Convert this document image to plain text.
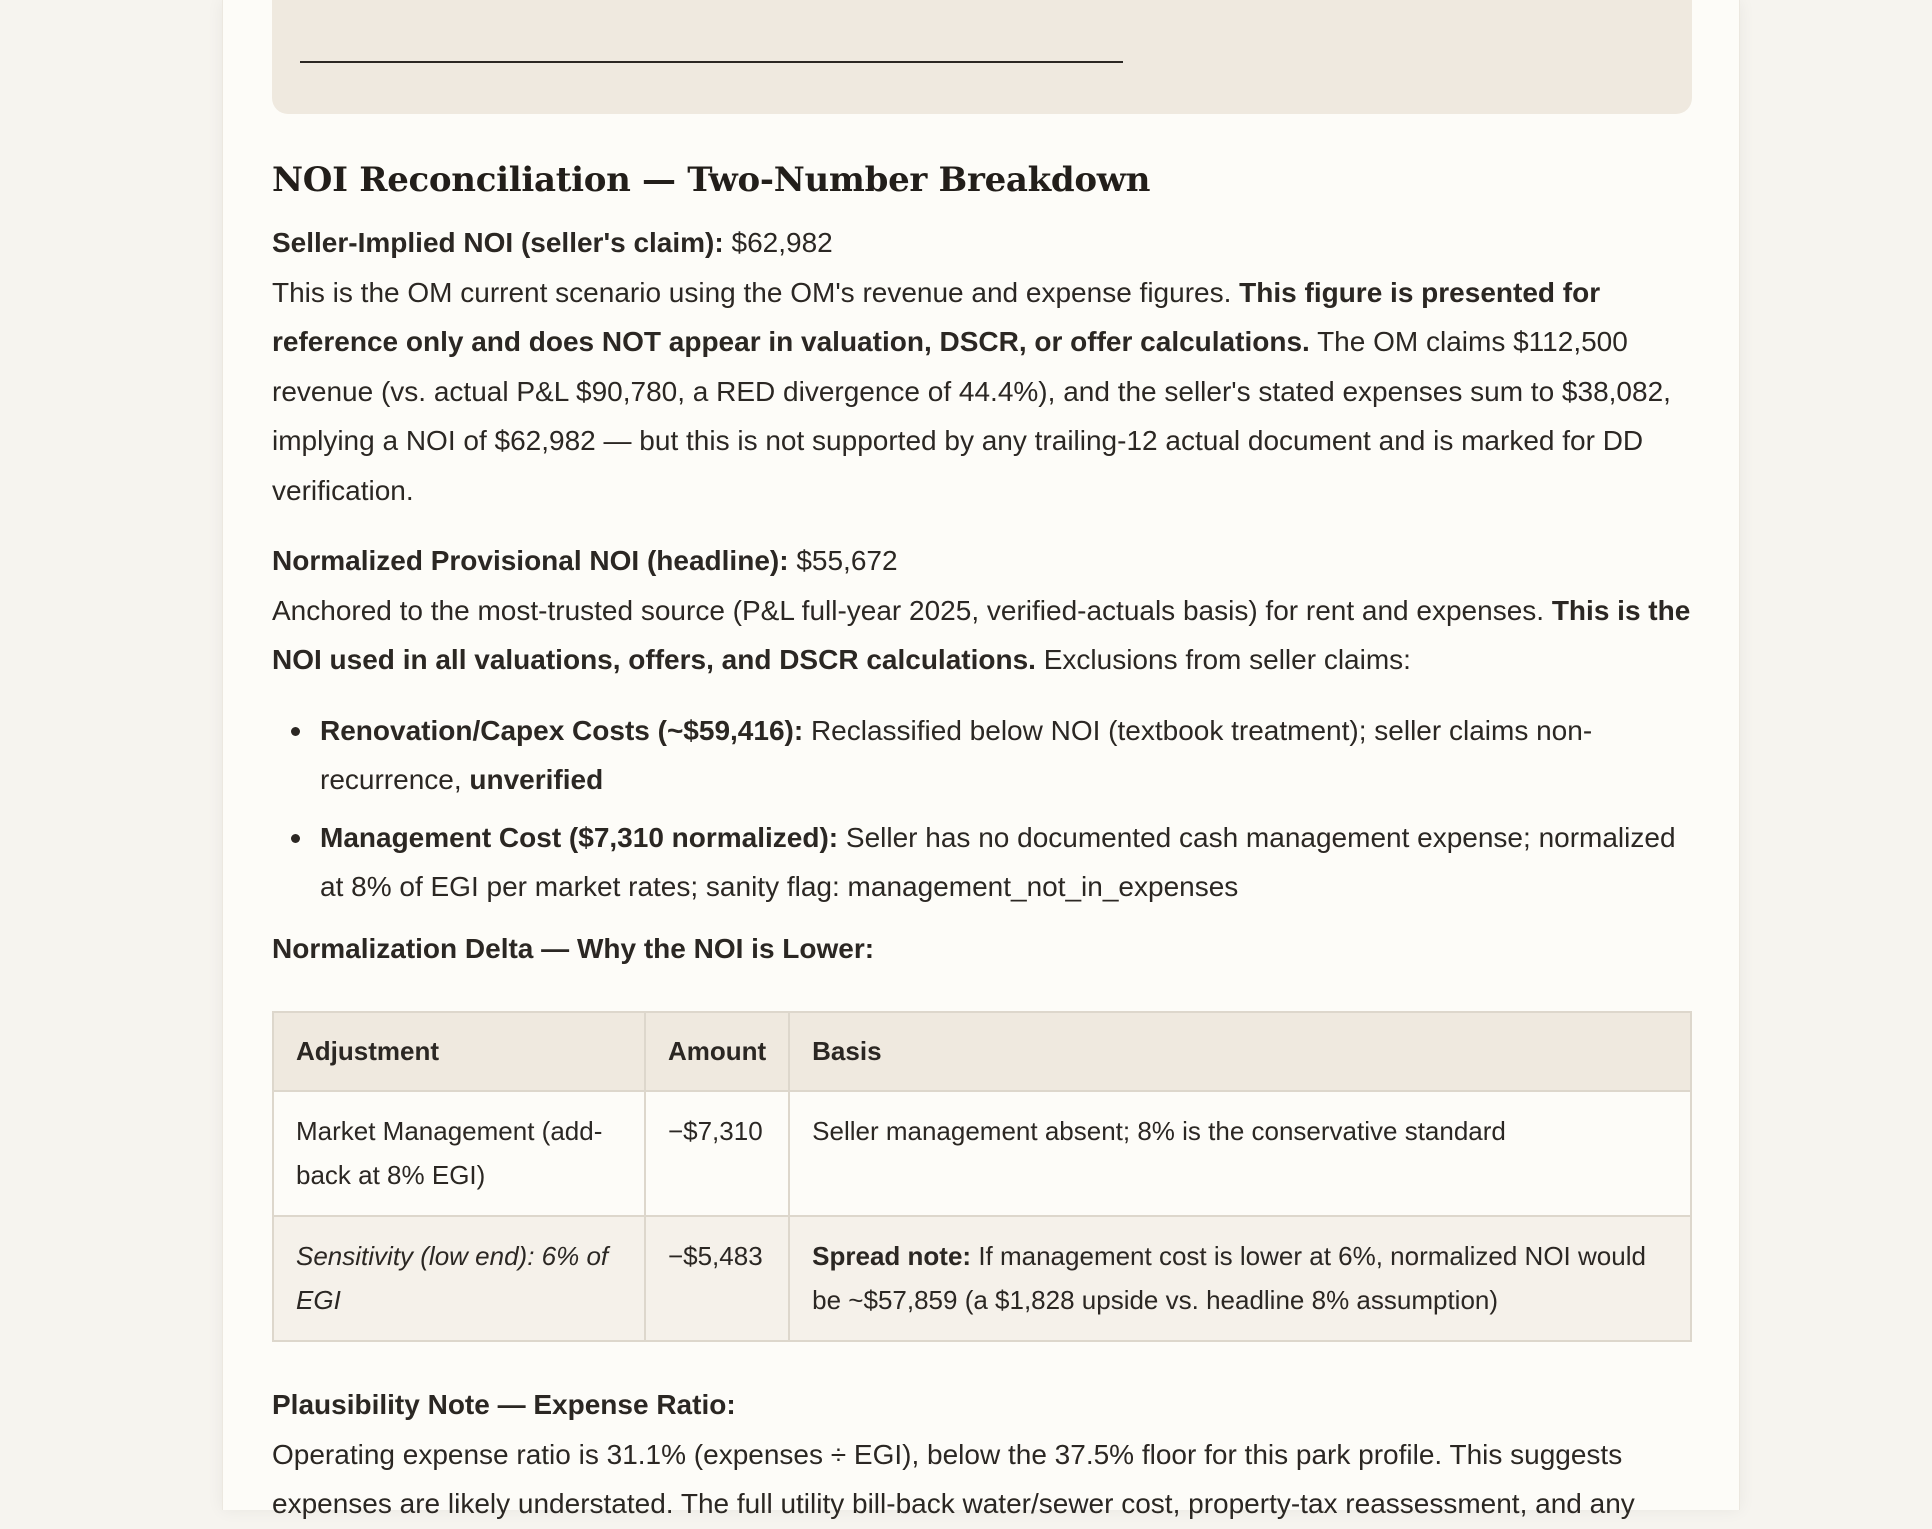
NOI Reconciliation — Two-Number Breakdown
Seller-Implied NOI (seller's claim): $62,982

This is the OM current scenario using the OM's revenue and expense figures. This figure is presented for reference only and does NOT appear in valuation, DSCR, or offer calculations. The OM claims $112,500 revenue (vs. actual P&L $90,780, a RED divergence of 44.4%), and the seller's stated expenses sum to $38,082, implying a NOI of $62,982 — but this is not supported by any trailing-12 actual document and is marked for DD verification.

Normalized Provisional NOI (headline): $55,672

Anchored to the most-trusted source (P&L full-year 2025, verified-actuals basis) for rent and expenses. This is the NOI used in all valuations, offers, and DSCR calculations. Exclusions from seller claims:

Renovation/Capex Costs (~$59,416): Reclassified below NOI (textbook treatment); seller claims non-recurrence, unverified
Management Cost ($7,310 normalized): Seller has no documented cash management expense; normalized at 8% of EGI per market rates; sanity flag: management_not_in_expenses
Normalization Delta — Why the NOI is Lower:
Adjustment	Amount	Basis
Market Management (add-back at 8% EGI)	−$7,310	Seller management absent; 8% is the conservative standard
Sensitivity (low end): 6% of EGI	−$5,483	Spread note: If management cost is lower at 6%, normalized NOI would be ~$57,859 (a $1,828 upside vs. headline 8% assumption)
Plausibility Note — Expense Ratio:

Operating expense ratio is 31.1% (expenses ÷ EGI), below the 37.5% floor for this park profile. This suggests expenses are likely understated. The full utility bill-back water/sewer cost, property-tax reassessment, and any
